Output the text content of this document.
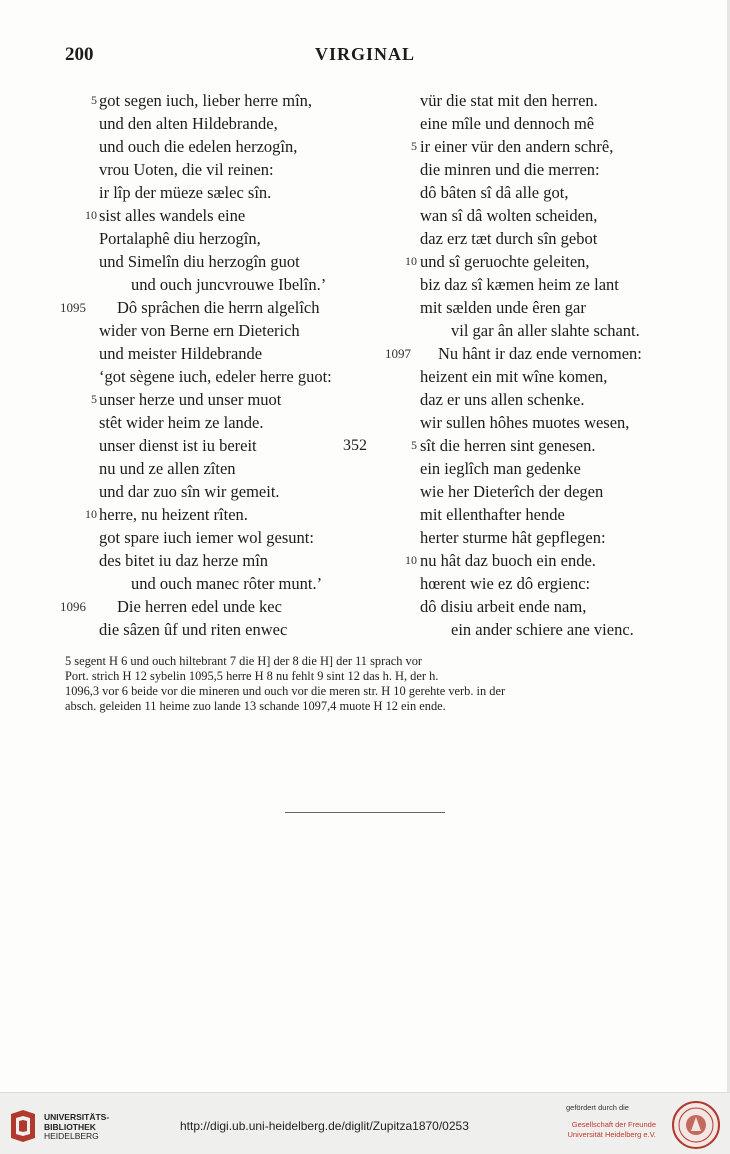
200	VIRGINAL
5 got segen iuch, lieber herre mîn,
und den alten Hildebrande,
und ouch die edelen herzogîn,
vrou Uoten, die vil reinen:
ir lîp der müeze sælec sîn.
10 sist alles wandels eine
Portalaphê diu herzogîn,
und Simelîn diu herzogîn guot
und ouch juncvrouwe Ibelîn.’
1095 Dô sprâchen die herrn algelîch
wider von Berne ern Dieterich
und meister Hildebrande
‘got sègene iuch, edeler herre guot:
5 unser herze und unser muot
stêt wider heim ze lande.
unser dienst ist iu bereit	352
nu und ze allen zîten
und dar zuo sîn wir gemeit.
10 herre, nu heizent rîten.
got spare iuch iemer wol gesunt:
des bitet iu daz herze mîn
und ouch manec rôter munt.’
1096 Die herren edel unde kec
die sâzen ûf und riten enwec
vür die stat mit den herren.
eine mîle und dennoch mê
5 ir einer vür den andern schrê,
die minren und die merren:
dô bâten sî dâ alle got,
wan sî dâ wolten scheiden,
daz erz tæt durch sîn gebot
10 und sî geruochte geleiten,
biz daz sî kæmen heim ze lant
mit sælden unde êren gar
vil gar ân aller slahte schant.
1097 Nu hânt ir daz ende vernomen:
heizent ein mit wîne komen,
daz er uns allen schenke.
wir sullen hôhes muotes wesen,
5 sît die herren sint genesen.
ein ieglîch man gedenke
wie her Dieterîch der degen
mit ellenthafter hende
herter sturme hât gepflegen:
10 nu hât daz buoch ein ende.
hœrent wie ez dô ergienc:
dô disiu arbeit ende nam,
ein ander schiere ane vienc.
5 segent H 6 und ouch hiltebrant 7 die H] der 8 die H] der 11 sprach vor
Port. strich H 12 sybelin 1095,5 herre H 8 nu fehlt 9 sint 12 das h. H, der h.
1096,3 vor 6 beide vor die mineren und ouch vor die meren str. H 10 gerehte verb. in der
absch. geleiden 11 heime zuo lande 13 schande 1097,4 muote H 12 ein ende.
UNIVERSITÄTS-
BIBLIOTHEK
HEIDELBERG
http://digi.ub.uni-heidelberg.de/diglit/Zupitza1870/0253
gefördert durch die
Gesellschaft der Freunde
Universität Heidelberg e.V.
